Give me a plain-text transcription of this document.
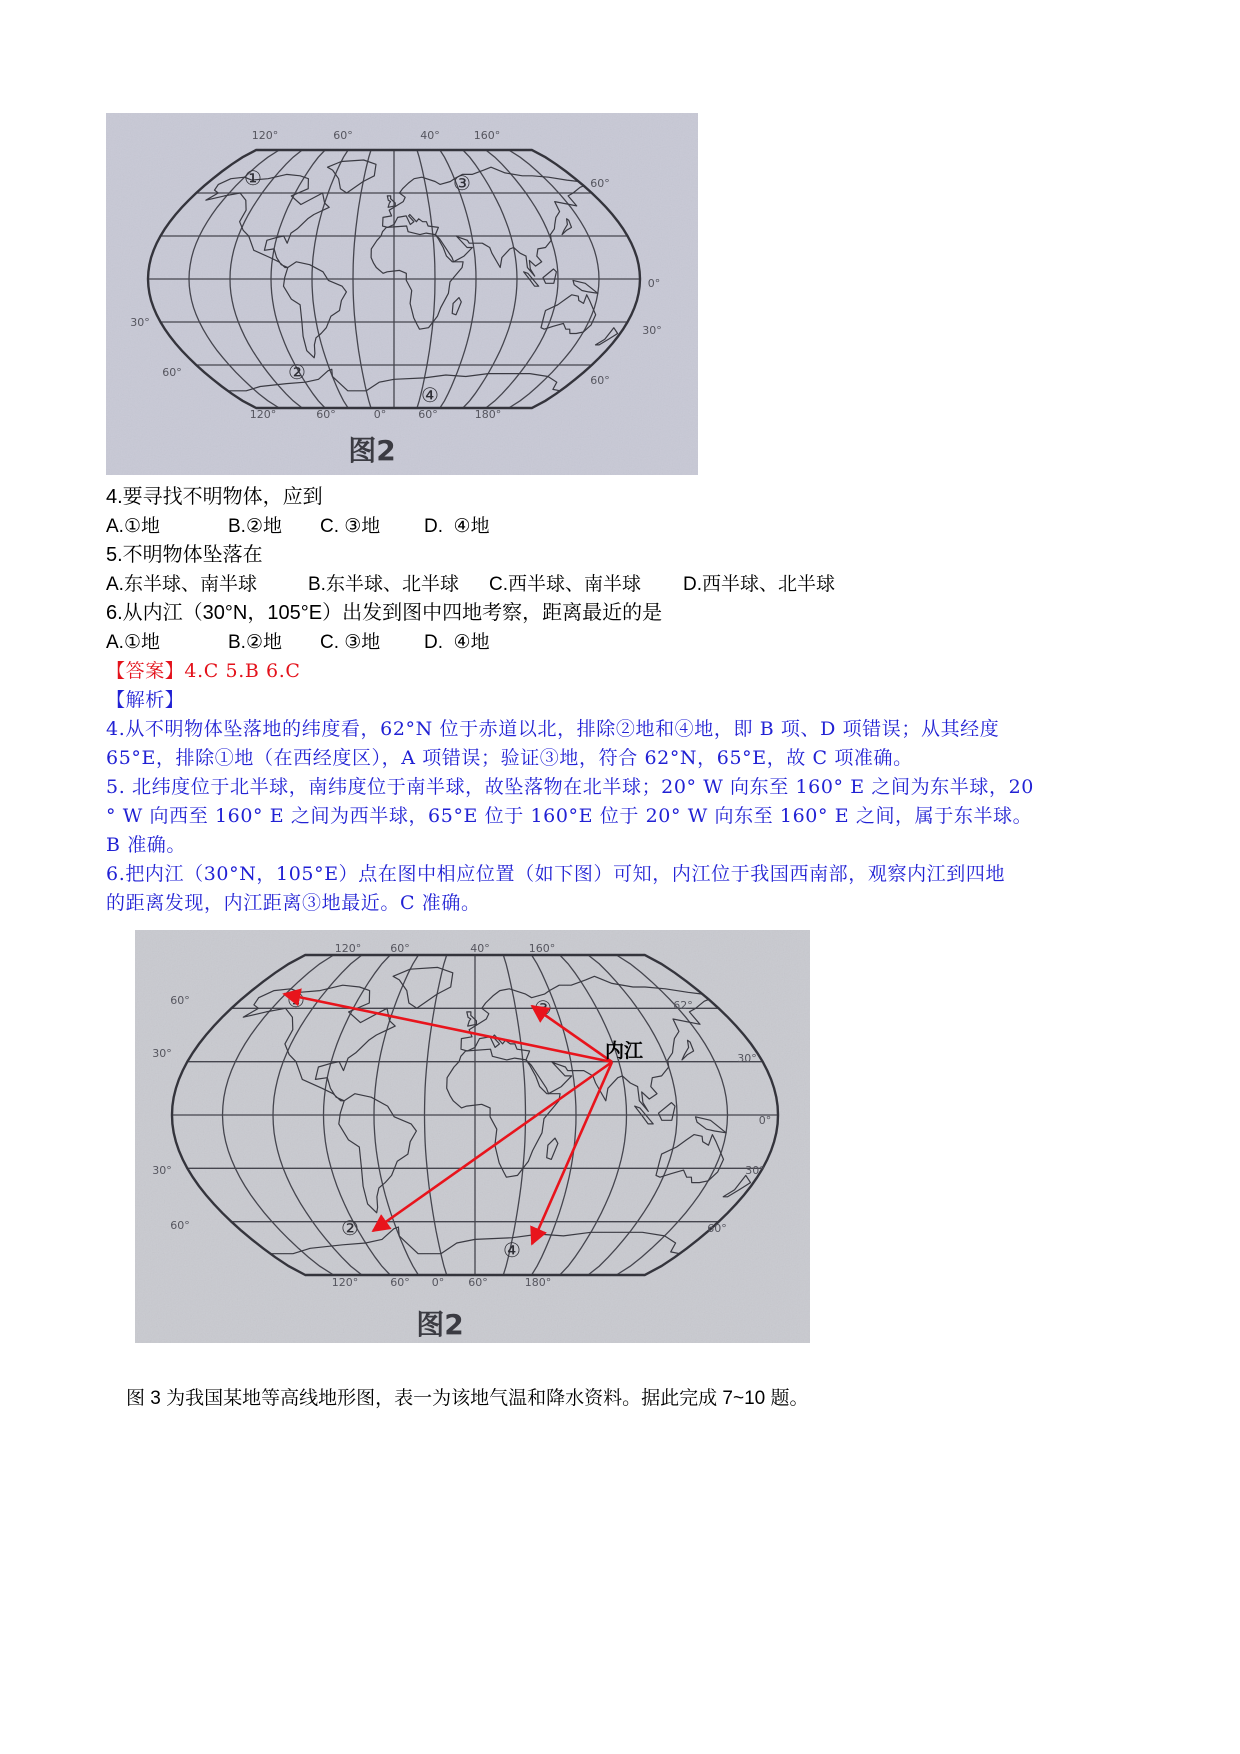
120°	60°	40°	160°
120°	60°	0°	60°	180°
30°
60°
60°
0°
30°
60°
①
②
③
④
图2
4.要寻找不明物体，应到
A.①地	B.②地 C. ③地 D.  ④地
5.不明物体坠落在
A.东半球、南半球	B.东半球、北半球 C.西半球、南半球 D.西半球、北半球
6.从内江（30°N，105°E）出发到图中四地考察，距离最近的是
A.①地	B.②地 C. ③地 D.  ④地
【答案】4.C 5.B 6.C
【解析】
4.从不明物体坠落地的纬度看，62°N 位于赤道以北，排除②地和④地，即 B 项、D 项错误；从其经度
65°E，排除①地（在西经度区），A 项错误；验证③地，符合 62°N，65°E，故 C 项准确。
5. 北纬度位于北半球，南纬度位于南半球，故坠落物在北半球；20° W 向东至 160° E 之间为东半球，20
° W 向西至 160° E 之间为西半球，65°E 位于 160°E 位于 20° W 向东至 160° E 之间，属于东半球。
B 准确。
6.把内江（30°N，105°E）点在图中相应位置（如下图）可知，内江位于我国西南部，观察内江到四地
的距离发现，内江距离③地最近。C 准确。
120°	60°	40°	160°
120°	60° 0° 60°	180°
60°
30°
30°
60°
62°
30°
0°
30°
60°
①
②
③
④
内江
图2
图 3 为我国某地等高线地形图，表一为该地气温和降水资料。据此完成 7~10 题。
